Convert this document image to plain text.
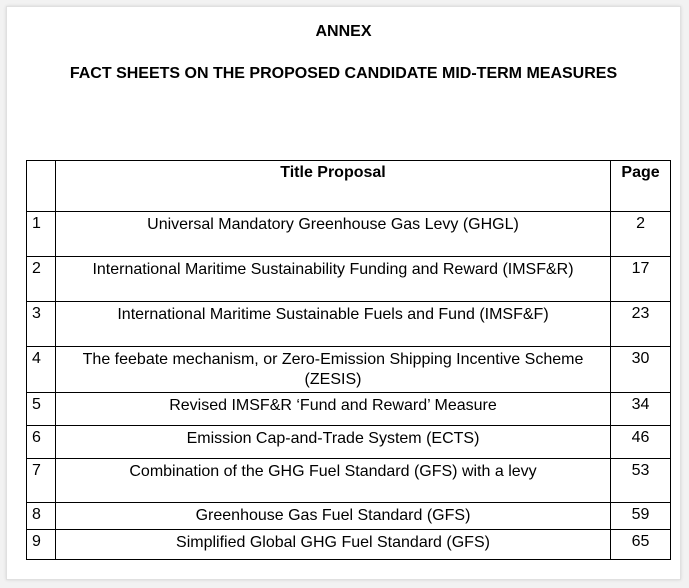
ANNEX
FACT SHEETS ON THE PROPOSED CANDIDATE MID-TERM MEASURES
	Title Proposal	Page
1	Universal Mandatory Greenhouse Gas Levy (GHGL)	2
2	International Maritime Sustainability Funding and Reward (IMSF&R)	17
3	International Maritime Sustainable Fuels and Fund (IMSF&F)	23
4	The feebate mechanism, or Zero-Emission Shipping Incentive Scheme (ZESIS)	30
5	Revised IMSF&R ‘Fund and Reward’ Measure	34
6	Emission Cap-and-Trade System (ECTS)	46
7	Combination of the GHG Fuel Standard (GFS) with a levy	53
8	Greenhouse Gas Fuel Standard (GFS)	59
9	Simplified Global GHG Fuel Standard (GFS)	65
